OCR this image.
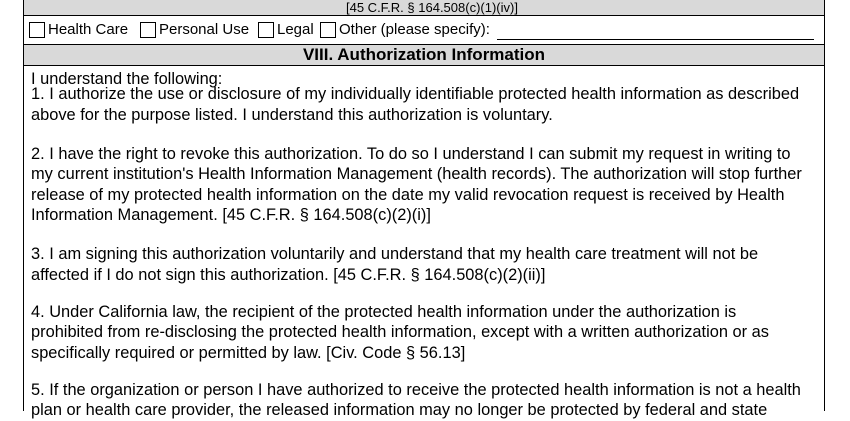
[45 C.F.R. § 164.508(c)(1)(iv)]
Health Care Personal Use Legal Other (please specify):
VIII. Authorization Information

I understand the following:

1. I authorize the use or disclosure of my individually identifiable protected health information as described

above for the purpose listed. I understand this authorization is voluntary.

2. I have the right to revoke this authorization. To do so I understand I can submit my request in writing to

my current institution's Health Information Management (health records). The authorization will stop further

release of my protected health information on the date my valid revocation request is received by Health

Information Management. [45 C.F.R. § 164.508(c)(2)(i)]

3. I am signing this authorization voluntarily and understand that my health care treatment will not be

affected if I do not sign this authorization. [45 C.F.R. § 164.508(c)(2)(ii)]

4. Under California law, the recipient of the protected health information under the authorization is

prohibited from re-disclosing the protected health information, except with a written authorization or as

specifically required or permitted by law. [Civ. Code § 56.13]

5. If the organization or person I have authorized to receive the protected health information is not a health

plan or health care provider, the released information may no longer be protected by federal and state
